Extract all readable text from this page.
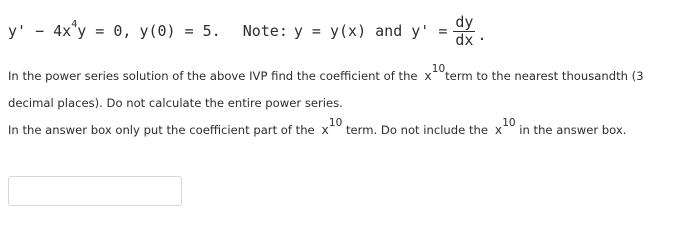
y' − 4x 4 y = 0, y(0) = 5. Note: y = y(x) and $y' = \frac{dy}{dx}$ .
In the power series solution of the above IVP find the coefficient of the x10term to the nearest thousandth (3
decimal places). Do not calculate the entire power series.
In the answer box only put the coefficient part of the x10 term. Do not include the x10 in the answer box.
